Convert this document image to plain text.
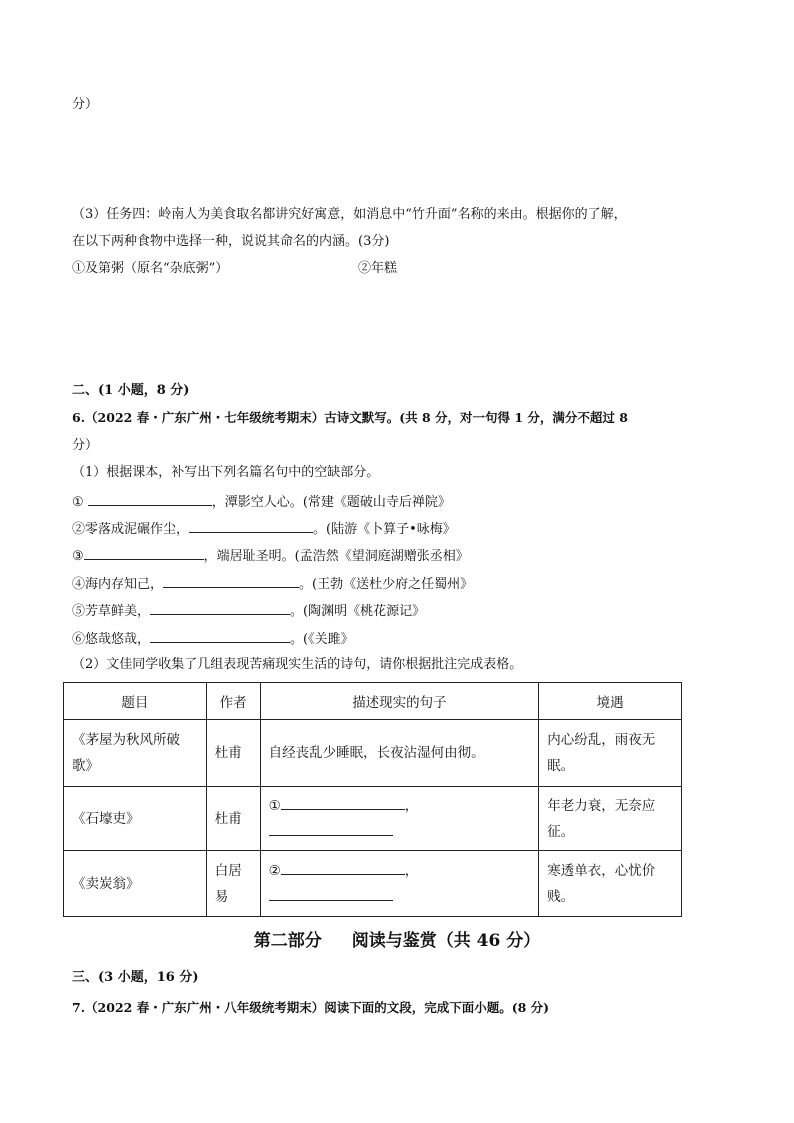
分）
（3）任务四：岭南人为美食取名都讲究好寓意，如消息中“竹升面”名称的来由。根据你的了解，
在以下两种食物中选择一种，说说其命名的内涵。(3分)
①及第粥（原名“杂底粥”）	②年糕
二、(1 小题，8 分)
6.（2022 春・广东广州・七年级统考期末）古诗文默写。(共 8 分，对一句得 1 分，满分不超过 8
分）
（1）根据课本，补写出下列名篇名句中的空缺部分。
①	，潭影空人心。(常建《题破山寺后禅院》
②零落成泥碾作尘，	。(陆游《卜算子•咏梅》
③	，端居耻圣明。(孟浩然《望洞庭湖赠张丞相》
④海内存知己，	。(王勃《送杜少府之任蜀州》
⑤芳草鲜美，	。(陶渊明《桃花源记》
⑥悠哉悠哉，	。(《关雎》
（2）文佳同学收集了几组表现苦痛现实生活的诗句，请你根据批注完成表格。
题目	作者	描述现实的句子	境遇
《茅屋为秋风所破
歌》	杜甫	自经丧乱少睡眠，长夜沾湿何由彻。	内心纷乱，雨夜无眠。
《石壕吏》	杜甫	① ，	年老力衰，无奈应征。
《卖炭翁》	白居
易	② ，	寒透单衣，心忧价贱。
第二部分 阅读与鉴赏（共 46 分）
三、(3 小题，16 分)
7.（2022 春・广东广州・八年级统考期末）阅读下面的文段，完成下面小题。(8 分)
